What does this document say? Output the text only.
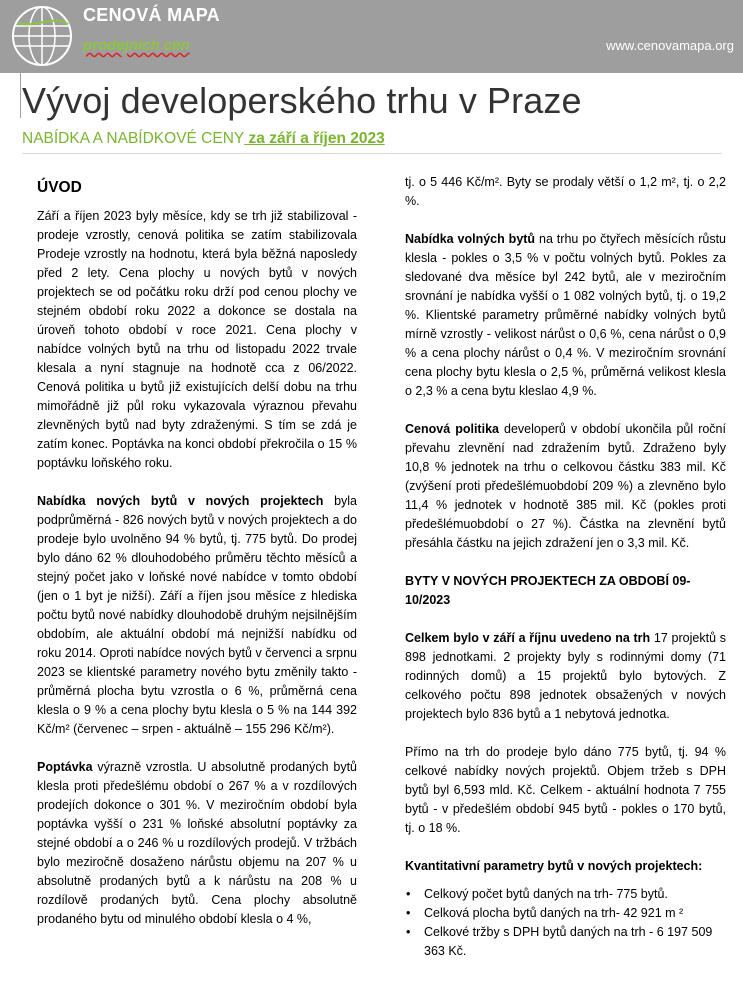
CENOVÁ MAPA
prodejních cen	www.cenovamapa.org
Vývoj developerského trhu v Praze
NABÍDKA A NABÍDKOVÉ CENY za září a říjen 2023
ÚVOD

Září a říjen 2023 byly měsíce, kdy se trh již stabilizoval - prodeje vzrostly, cenová politika se zatím stabilizovala Prodeje vzrostly na hodnotu, která byla běžná naposledy před 2 lety. Cena plochy u nových bytů v nových projektech se od počátku roku drží pod cenou plochy ve stejném období roku 2022 a dokonce se dostala na úroveň tohoto období v roce 2021. Cena plochy v nabídce volných bytů na trhu od listopadu 2022 trvale klesala a nyní stagnuje na hodnotě cca z 06/2022. Cenová politika u bytů již existujících delší dobu na trhu mimořádně již půl roku vykazovala výraznou převahu zlevněných bytů nad byty zdraženými. S tím se zdá je zatím konec. Poptávka na konci období překročila o 15 % poptávku loňského roku.

Nabídka nových bytů v nových projektech byla podprůměrná - 826 nových bytů v nových projektech a do prodeje bylo uvolněno 94 % bytů, tj. 775 bytů. Do prodej bylo dáno 62 % dlouhodobého průměru těchto měsíců a stejný počet jako v loňské nové nabídce v tomto období (jen o 1 byt je nižší). Září a říjen jsou měsíce z hlediska počtu bytů nové nabídky dlouhodobě druhým nejsilnějším obdobím, ale aktuální období má nejnižší nabídku od roku 2014. Oproti nabídce nových bytů v červenci a srpnu 2023 se klientské parametry nového bytu změnily takto - průměrná plocha bytu vzrostla o 6 %, průměrná cena klesla o 9 % a cena plochy bytu klesla o 5 % na 144 392 Kč/m² (červenec – srpen - aktuálně – 155 296 Kč/m²).

Poptávka výrazně vzrostla. U absolutně prodaných bytů klesla proti předešlému období o 267 % a v rozdílových prodejích dokonce o 301 %. V meziročním období byla poptávka vyšší o 231 % loňské absolutní poptávky za stejné období a o 246 % u rozdílových prodejů. V tržbách bylo meziročně dosaženo nárůstu objemu na 207 % u absolutně prodaných bytů a k nárůstu na 208 % u rozdílově prodaných bytů. Cena plochy absolutně prodaného bytu od minulého období klesla o 4 %,

tj. o 5 446 Kč/m². Byty se prodaly větší o 1,2 m², tj. o 2,2 %.

Nabídka volných bytů na trhu po čtyřech měsících růstu klesla - pokles o 3,5 % v počtu volných bytů. Pokles za sledované dva měsíce byl 242 bytů, ale v meziročním srovnání je nabídka vyšší o 1 082 volných bytů, tj. o 19,2 %. Klientské parametry průměrné nabídky volných bytů mírně vzrostly - velikost nárůst o 0,6 %, cena nárůst o 0,9 % a cena plochy nárůst o 0,4 %. V meziročním srovnání cena plochy bytu klesla o 2,5 %, průměrná velikost klesla o 2,3 % a cena bytu kleslao 4,9 %.

Cenová politika developerů v období ukončila půl roční převahu zlevnění nad zdražením bytů. Zdraženo byly 10,8 % jednotek na trhu o celkovou částku 383 mil. Kč (zvýšení proti předešlémuobdobí 209 %) a zlevněno bylo 11,4 % jednotek v hodnotě 385 mil. Kč (pokles proti předešlémuobdobí o 27 %). Částka na zlevnění bytů přesáhla částku na jejich zdražení jen o 3,3 mil. Kč.

BYTY V NOVÝCH PROJEKTECH ZA OBDOBÍ 09-10/2023

Celkem bylo v září a říjnu uvedeno na trh 17 projektů s 898 jednotkami. 2 projekty byly s rodinnými domy (71 rodinných domů) a 15 projektů bylo bytových. Z celkového počtu 898 jednotek obsažených v nových projektech bylo 836 bytů a 1 nebytová jednotka.

Přímo na trh do prodeje bylo dáno 775 bytů, tj. 94 % celkové nabídky nových projektů. Objem tržeb s DPH bytů byl 6,593 mld. Kč. Celkem - aktuální hodnota 7 755 bytů - v předešlém období 945 bytů - pokles o 170 bytů, tj. o 18 %.

Kvantitativní parametry bytů v nových projektech:

• Celkový počet bytů daných na trh- 775 bytů.
• Celková plocha bytů daných na trh- 42 921 m ²
• Celkové tržby s DPH bytů daných na trh - 6 197 509 363 Kč.
